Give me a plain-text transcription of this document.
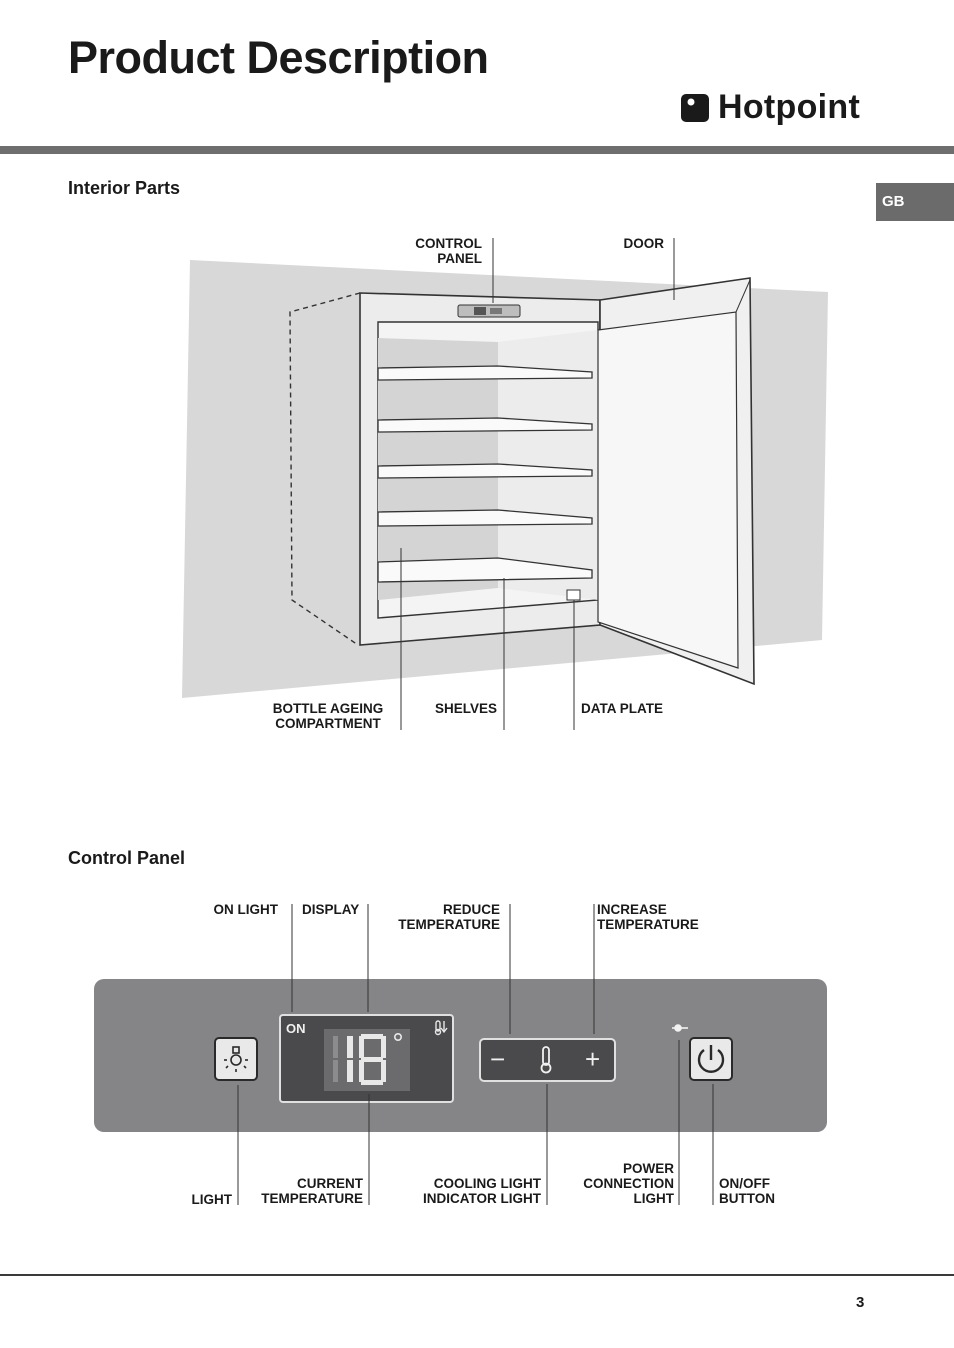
Product Description
Hotpoint
GB
Interior Parts
CONTROL
PANEL
DOOR
BOTTLE AGEING
COMPARTMENT
SHELVES	DATA PLATE
Control Panel
ON
−	+
ON LIGHT DISPLAY	REDUCE
TEMPERATURE
INCREASE
TEMPERATURE
LIGHT
CURRENT
TEMPERATURE
COOLING LIGHT
INDICATOR LIGHT
POWER
CONNECTION
LIGHT
ON/OFF
BUTTON
3
